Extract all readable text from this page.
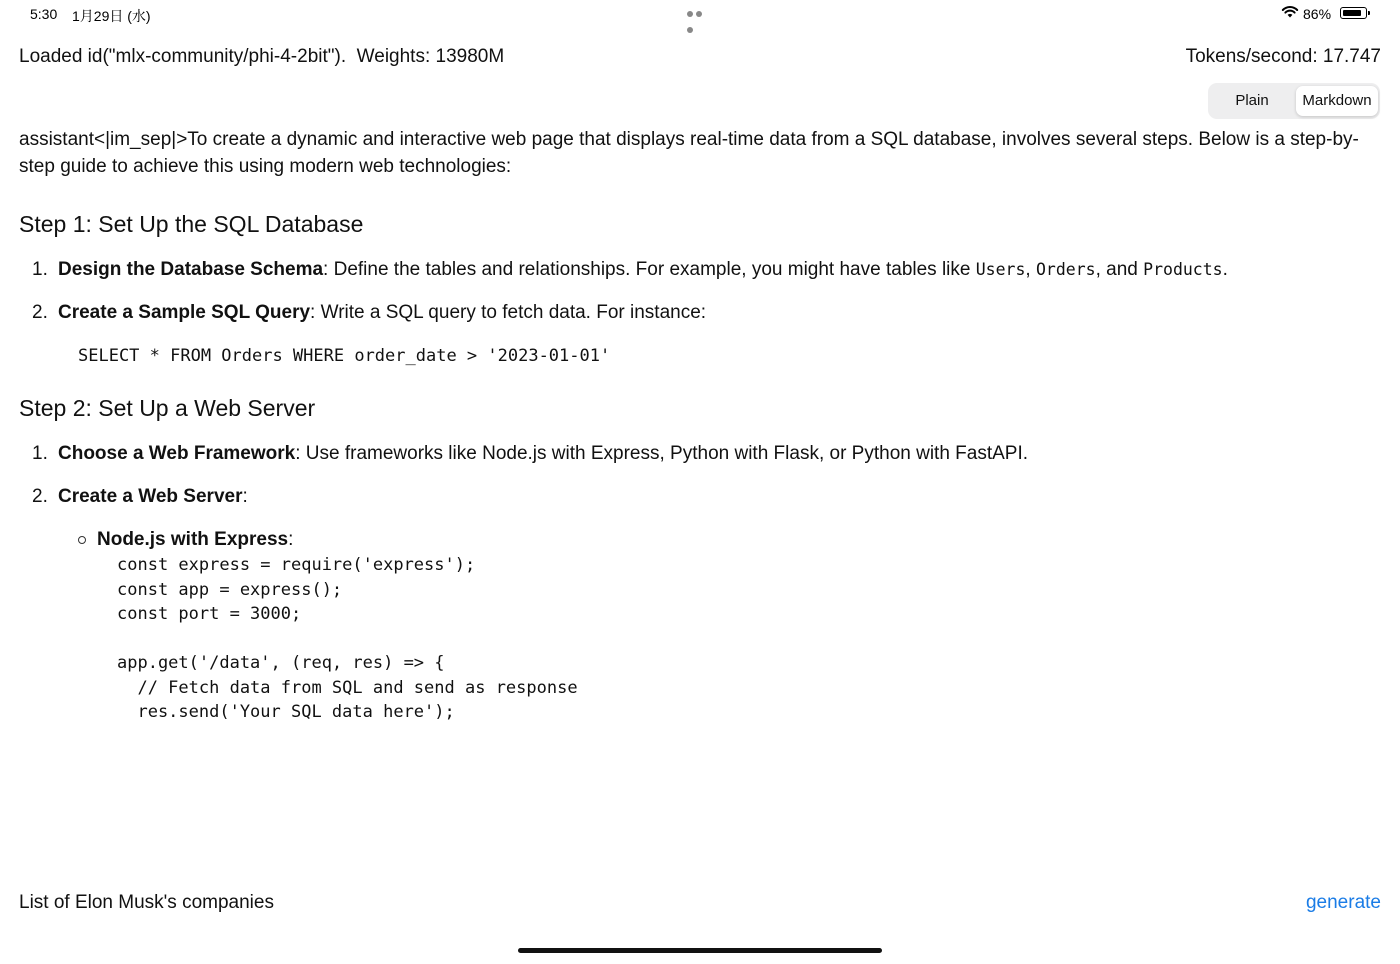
5:30 1月29日 (水)	86%
Loaded id("mlx-community/phi-4-2bit").  Weights: 13980M	Tokens/second: 17.747
Plain	Markdown

assistant<|im_sep|>To create a dynamic and interactive web page that displays real-time data from a SQL database, involves several steps. Below is a step-by-step guide to achieve this using modern web technologies:

Step 1: Set Up the SQL Database
1. Design the Database Schema: Define the tables and relationships. For example, you might have tables like Users, Orders, and Products.
2. Create a Sample SQL Query: Write a SQL query to fetch data. For instance:
SELECT * FROM Orders WHERE order_date > '2023-01-01'
Step 2: Set Up a Web Server
1. Choose a Web Framework: Use frameworks like Node.js with Express, Python with Flask, or Python with FastAPI.
2. Create a Web Server:
Node.js with Express:
const express = require('express');
const app = express();
const port = 3000;

app.get('/data', (req, res) => {
// Fetch data from SQL and send as response
res.send('Your SQL data here');
List of Elon Musk's companies	generate
